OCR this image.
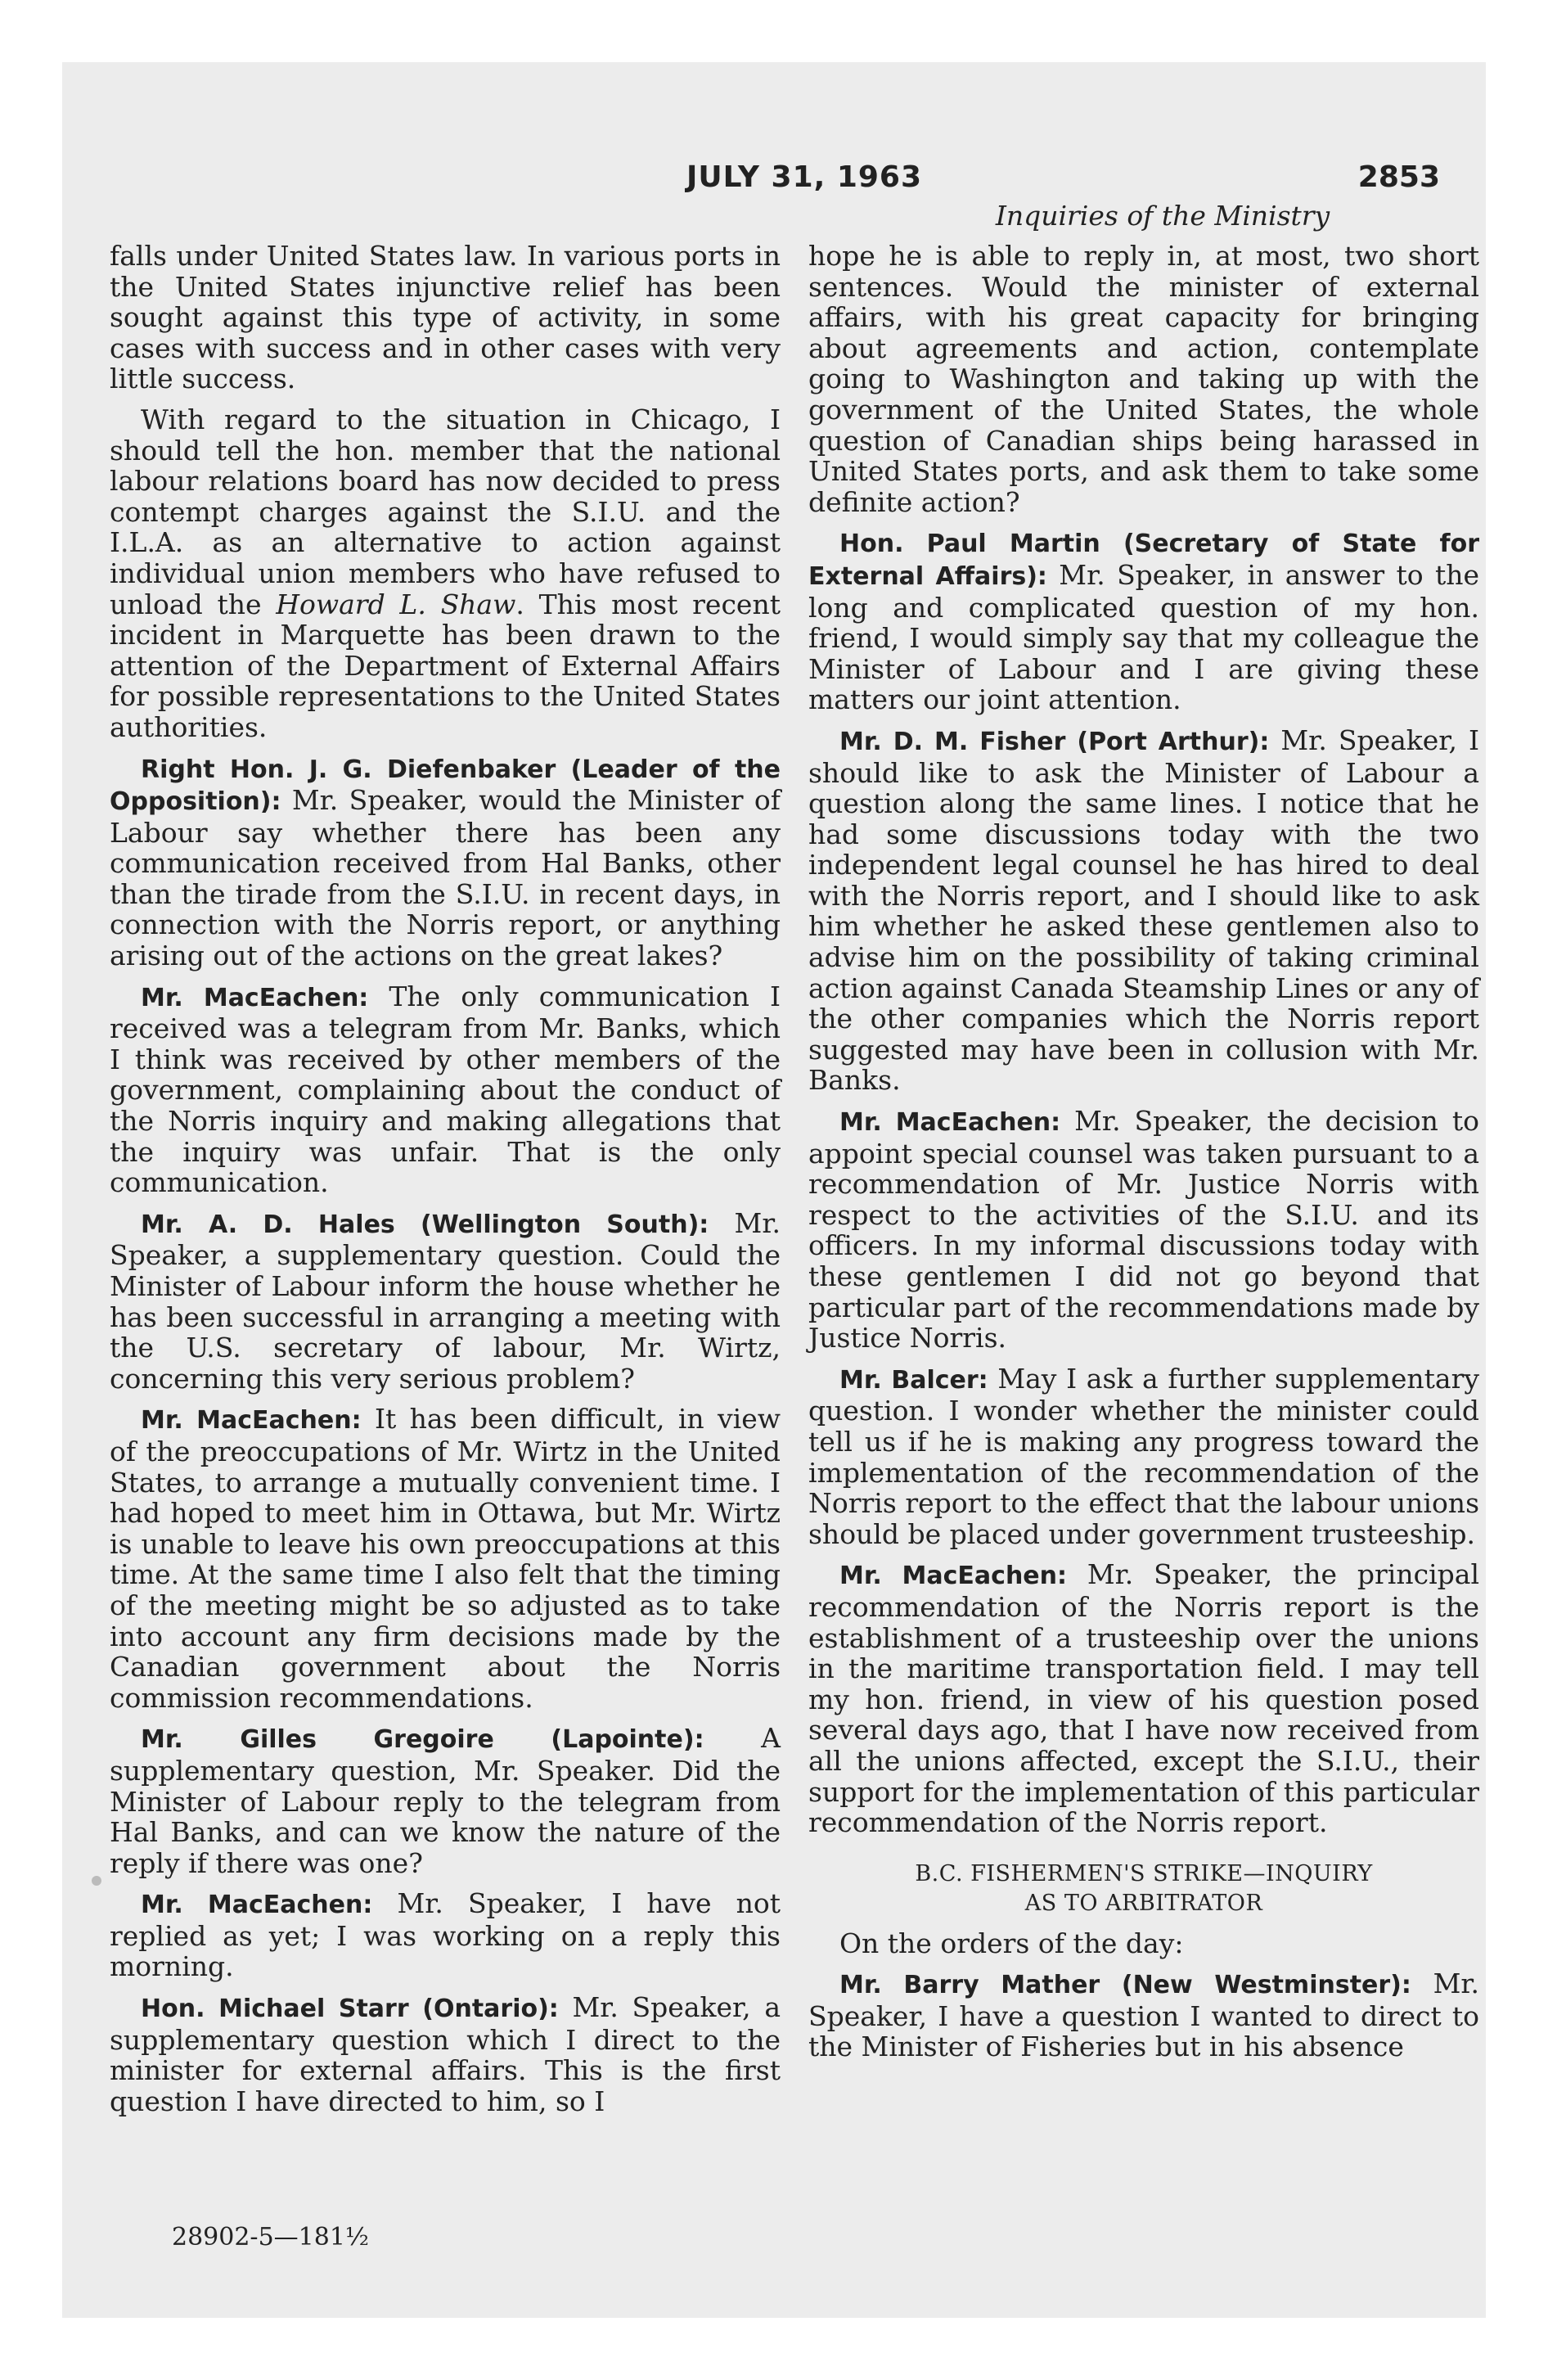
JULY 31, 1963	2853
Inquiries of the Ministry

falls under United States law. In various ports in the United States injunctive relief has been sought against this type of activity, in some cases with success and in other cases with very little success.

With regard to the situation in Chicago, I should tell the hon. member that the national labour relations board has now decided to press contempt charges against the S.I.U. and the I.L.A. as an alternative to action against individual union members who have refused to unload the Howard L. Shaw. This most recent incident in Marquette has been drawn to the attention of the Department of External Affairs for possible representations to the United States authorities.

Right Hon. J. G. Diefenbaker (Leader of the Opposition): Mr. Speaker, would the Minister of Labour say whether there has been any communication received from Hal Banks, other than the tirade from the S.I.U. in recent days, in connection with the Norris report, or anything arising out of the actions on the great lakes?

Mr. MacEachen: The only communication I received was a telegram from Mr. Banks, which I think was received by other members of the government, complaining about the conduct of the Norris inquiry and making allegations that the inquiry was unfair. That is the only communication.

Mr. A. D. Hales (Wellington South): Mr. Speaker, a supplementary question. Could the Minister of Labour inform the house whether he has been successful in arranging a meeting with the U.S. secretary of labour, Mr. Wirtz, concerning this very serious problem?

Mr. MacEachen: It has been difficult, in view of the preoccupations of Mr. Wirtz in the United States, to arrange a mutually convenient time. I had hoped to meet him in Ottawa, but Mr. Wirtz is unable to leave his own preoccupations at this time. At the same time I also felt that the timing of the meeting might be so adjusted as to take into account any firm decisions made by the Canadian government about the Norris commission recommendations.

Mr. Gilles Gregoire (Lapointe): A supplementary question, Mr. Speaker. Did the Minister of Labour reply to the telegram from Hal Banks, and can we know the nature of the reply if there was one?

Mr. MacEachen: Mr. Speaker, I have not replied as yet; I was working on a reply this morning.

Hon. Michael Starr (Ontario): Mr. Speaker, a supplementary question which I direct to the minister for external affairs. This is the first question I have directed to him, so I

hope he is able to reply in, at most, two short sentences. Would the minister of external affairs, with his great capacity for bringing about agreements and action, contemplate going to Washington and taking up with the government of the United States, the whole question of Canadian ships being harassed in United States ports, and ask them to take some definite action?

Hon. Paul Martin (Secretary of State for External Affairs): Mr. Speaker, in answer to the long and complicated question of my hon. friend, I would simply say that my colleague the Minister of Labour and I are giving these matters our joint attention.

Mr. D. M. Fisher (Port Arthur): Mr. Speaker, I should like to ask the Minister of Labour a question along the same lines. I notice that he had some discussions today with the two independent legal counsel he has hired to deal with the Norris report, and I should like to ask him whether he asked these gentlemen also to advise him on the possibility of taking criminal action against Canada Steamship Lines or any of the other companies which the Norris report suggested may have been in collusion with Mr. Banks.

Mr. MacEachen: Mr. Speaker, the decision to appoint special counsel was taken pursuant to a recommendation of Mr. Justice Norris with respect to the activities of the S.I.U. and its officers. In my informal discussions today with these gentlemen I did not go beyond that particular part of the recommendations made by Justice Norris.

Mr. Balcer: May I ask a further supplementary question. I wonder whether the minister could tell us if he is making any progress toward the implementation of the recommendation of the Norris report to the effect that the labour unions should be placed under government trusteeship.

Mr. MacEachen: Mr. Speaker, the principal recommendation of the Norris report is the establishment of a trusteeship over the unions in the maritime transportation field. I may tell my hon. friend, in view of his question posed several days ago, that I have now received from all the unions affected, except the S.I.U., their support for the implementation of this particular recommendation of the Norris report.

B.C. FISHERMEN'S STRIKE—INQUIRY
AS TO ARBITRATOR

On the orders of the day:

Mr. Barry Mather (New Westminster): Mr. Speaker, I have a question I wanted to direct to the Minister of Fisheries but in his absence

28902-5—181½
